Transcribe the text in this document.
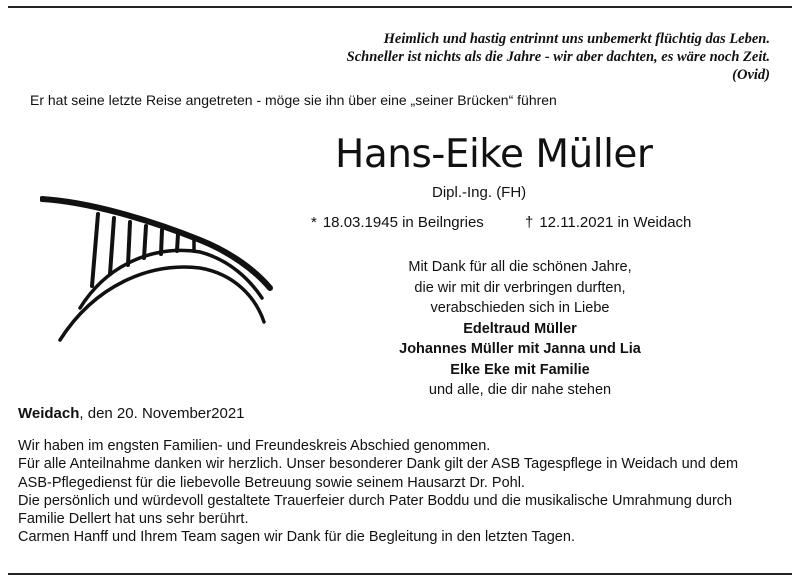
Heimlich und hastig entrinnt uns unbemerkt flüchtig das Leben.
Schneller ist nichts als die Jahre - wir aber dachten, es wäre noch Zeit.
(Ovid)
Er hat seine letzte Reise angetreten - möge sie ihn über eine „seiner Brücken“ führen
Hans-Eike Müller
Dipl.-Ing. (FH)
* 18.03.1945 in Beilngries	† 12.11.2021 in Weidach
Mit Dank für all die schönen Jahre,
die wir mit dir verbringen durften,
verabschieden sich in Liebe
Edeltraud Müller
Johannes Müller mit Janna und Lia
Elke Eke mit Familie
und alle, die dir nahe stehen
Weidach, den 20. November2021
Wir haben im engsten Familien- und Freundeskreis Abschied genommen.
Für alle Anteilnahme danken wir herzlich. Unser besonderer Dank gilt der ASB Tagespflege in Weidach und dem
ASB-Pflegedienst für die liebevolle Betreuung sowie seinem Hausarzt Dr. Pohl.
Die persönlich und würdevoll gestaltete Trauerfeier durch Pater Boddu und die musikalische Umrahmung durch
Familie Dellert hat uns sehr berührt.
Carmen Hanff und Ihrem Team sagen wir Dank für die Begleitung in den letzten Tagen.
